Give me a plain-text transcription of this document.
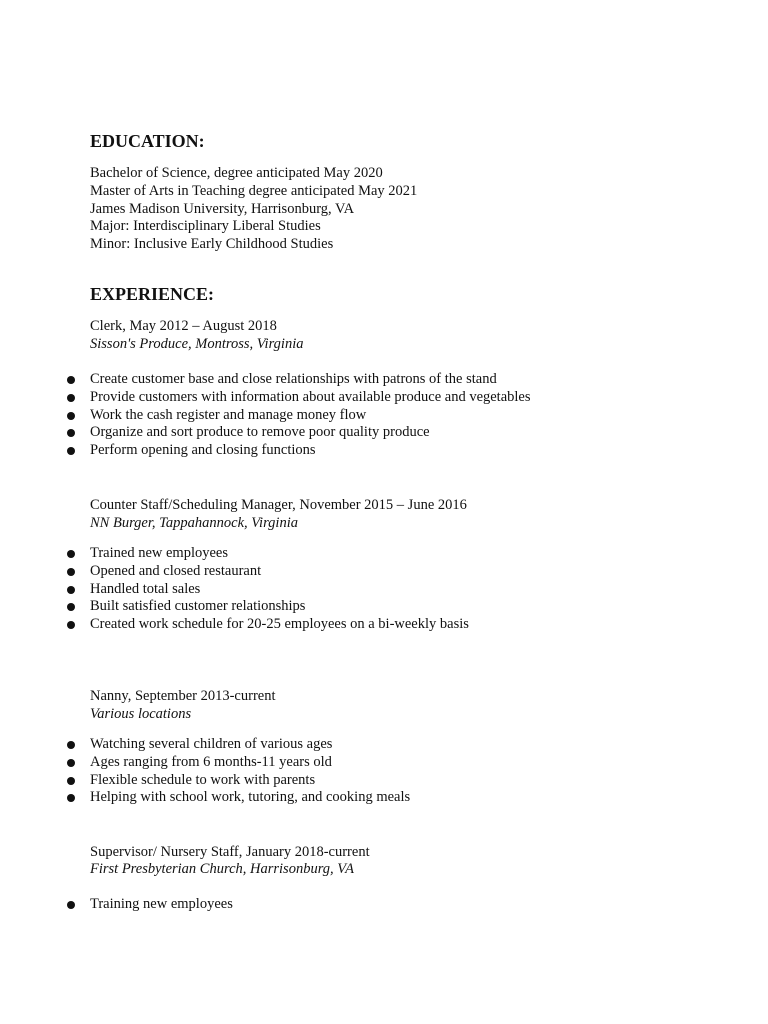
EDUCATION:
Bachelor of Science, degree anticipated May 2020
Master of Arts in Teaching degree anticipated May 2021
James Madison University, Harrisonburg, VA
Major: Interdisciplinary Liberal Studies
Minor: Inclusive Early Childhood Studies
EXPERIENCE:
Clerk, May 2012 – August 2018
Sisson's Produce, Montross, Virginia
Create customer base and close relationships with patrons of the stand
Provide customers with information about available produce and vegetables
Work the cash register and manage money flow
Organize and sort produce to remove poor quality produce
Perform opening and closing functions
Counter Staff/Scheduling Manager, November 2015 – June 2016
NN Burger, Tappahannock, Virginia
Trained new employees
Opened and closed restaurant
Handled total sales
Built satisfied customer relationships
Created work schedule for 20-25 employees on a bi-weekly basis
Nanny, September 2013-current
Various locations
Watching several children of various ages
Ages ranging from 6 months-11 years old
Flexible schedule to work with parents
Helping with school work, tutoring, and cooking meals
Supervisor/ Nursery Staff, January 2018-current
First Presbyterian Church, Harrisonburg, VA
Training new employees
